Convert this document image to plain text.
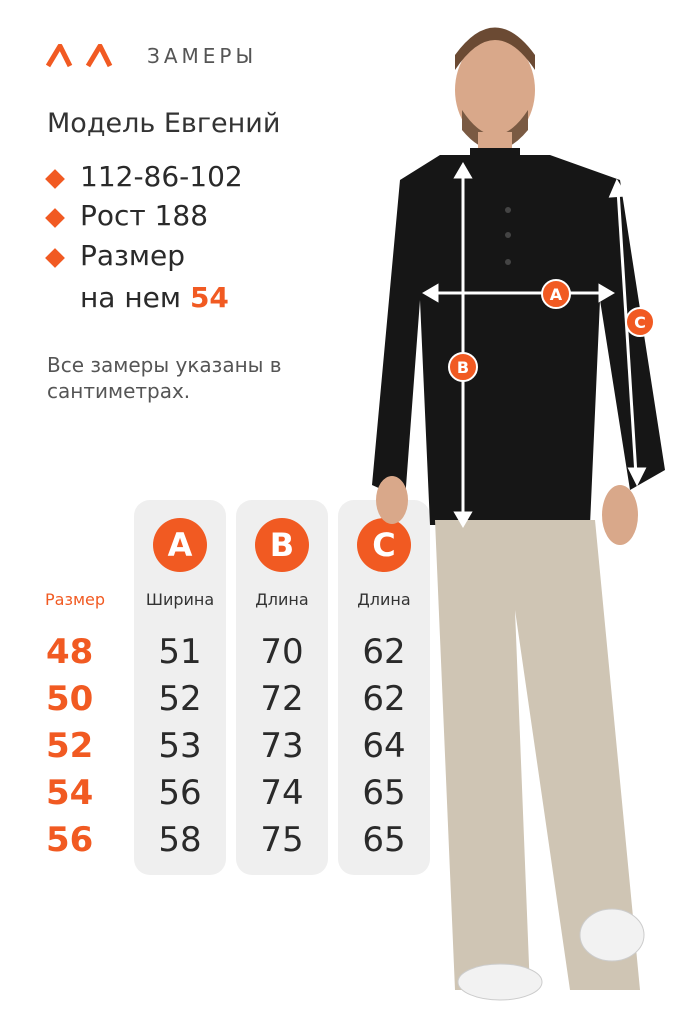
ЗАМЕРЫ
Модель Евгений
112-86-102
Рост 188
Размер
на нем 54
Все замеры указаны в сантиметрах.
Размер
48
50
52
54
56
A
Ширина
51
52
53
56
58
B
Длина
70
72
73
74
75
C
Длина
62
62
64
65
65
A
B
C
